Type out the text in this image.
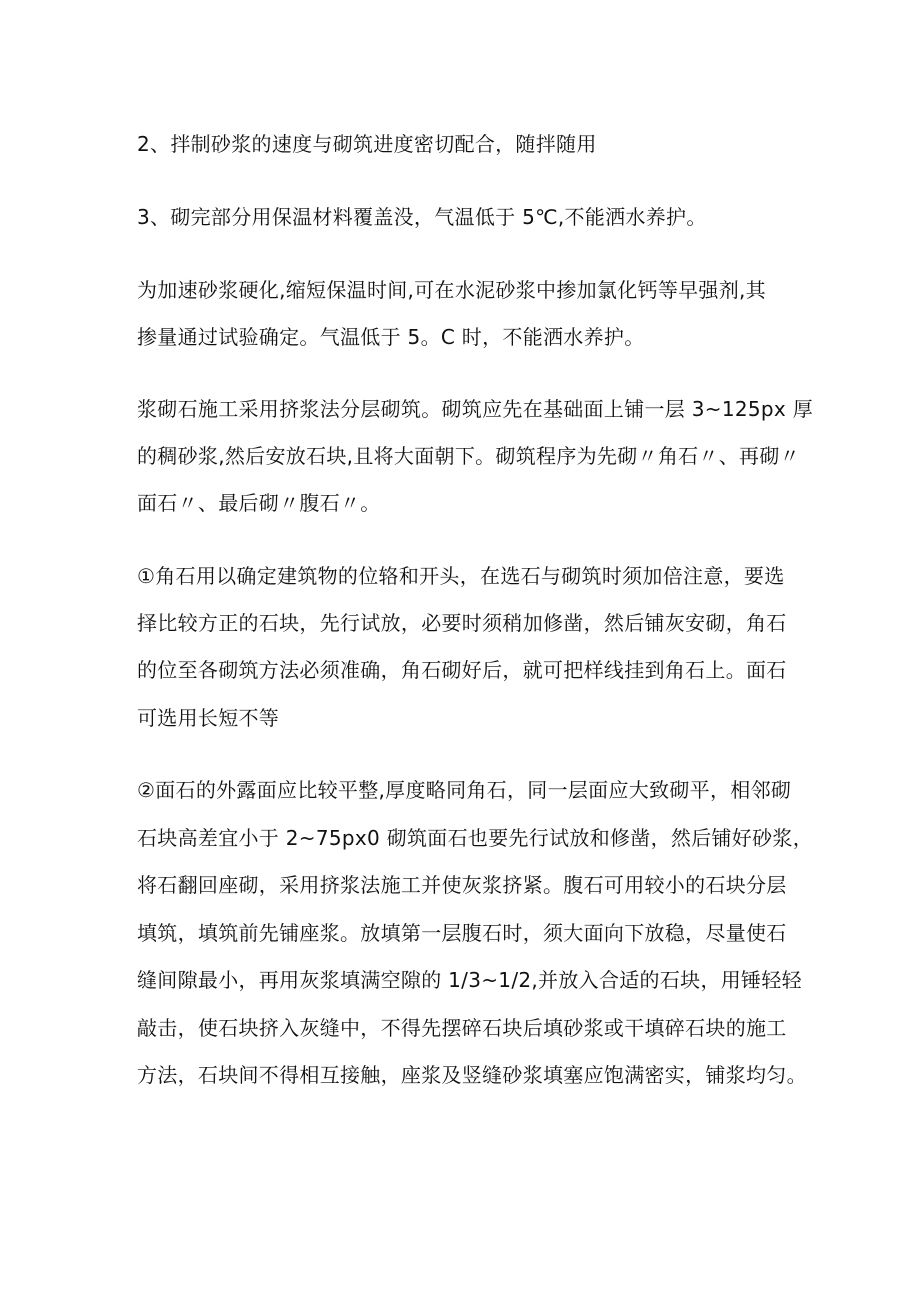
2、拌制砂浆的速度与砌筑进度密切配合，随拌随用
3、砌完部分用保温材料覆盖没，气温低于 5℃,不能洒水养护。
为加速砂浆硬化,缩短保温时间,可在水泥砂浆中掺加氯化钙等早强剂,其
掺量通过试验确定。气温低于 5。C 时，不能洒水养护。
浆砌石施工采用挤浆法分层砌筑。砌筑应先在基础面上铺一层 3~125px 厚
的稠砂浆,然后安放石块,且将大面朝下。砌筑程序为先砌〃角石〃、再砌〃
面石〃、最后砌〃腹石〃。
①角石用以确定建筑物的位辂和开头，在选石与砌筑时须加倍注意，要选
择比较方正的石块，先行试放，必要时须稍加修凿，然后铺灰安砌，角石
的位至各砌筑方法必须准确，角石砌好后，就可把样线挂到角石上。面石
可选用长短不等
②面石的外露面应比较平整,厚度略同角石，同一层面应大致砌平，相邻砌
石块高差宜小于 2~75px0 砌筑面石也要先行试放和修凿，然后铺好砂浆，
将石翻回座砌，采用挤浆法施工并使灰浆挤紧。腹石可用较小的石块分层
填筑，填筑前先铺座浆。放填第一层腹石时，须大面向下放稳，尽量使石
缝间隙最小，再用灰浆填满空隙的 1/3~1/2,并放入合适的石块，用锤轻轻
敲击，使石块挤入灰缝中，不得先摆碎石块后填砂浆或干填碎石块的施工
方法，石块间不得相互接触，座浆及竖缝砂浆填塞应饱满密实，铺浆均匀。
